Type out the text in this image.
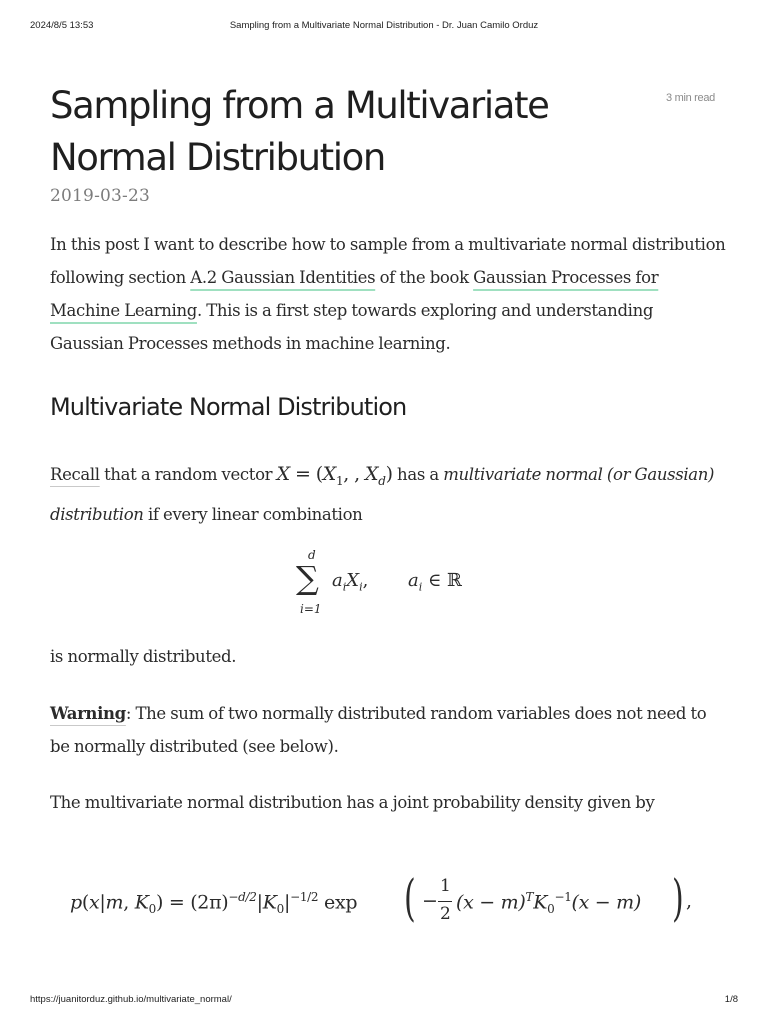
2024/8/5 13:53	Sampling from a Multivariate Normal Distribution - Dr. Juan Camilo Orduz
Sampling from a Multivariate Normal Distribution
3 min read
2019-03-23

In this post I want to describe how to sample from a multivariate normal distribution following section A.2 Gaussian Identities of the book Gaussian Processes for Machine Learning. This is a first step towards exploring and understanding Gaussian Processes methods in machine learning.

Multivariate Normal Distribution

Recall that a random vector $X = (X_1$, , $X_d$) has a multivariate normal (or Gaussian) distribution if every linear combination

d
∑
i=1
$a_iX_i$, $a_i$ ∈ ℝ

is normally distributed.

Warning: The sum of two normally distributed random variables does not need to be normally distributed (see below).

The multivariate normal distribution has a joint probability density given by

p(x|m, $K_0) = (2\pi)^{-d/2}|K_0|^{-1/2}$ exp ( −
1
2
$(x - m)^TK_0^{-1}(x - m)$ ) ,
https://juanitorduz.github.io/multivariate_normal/	1/8
